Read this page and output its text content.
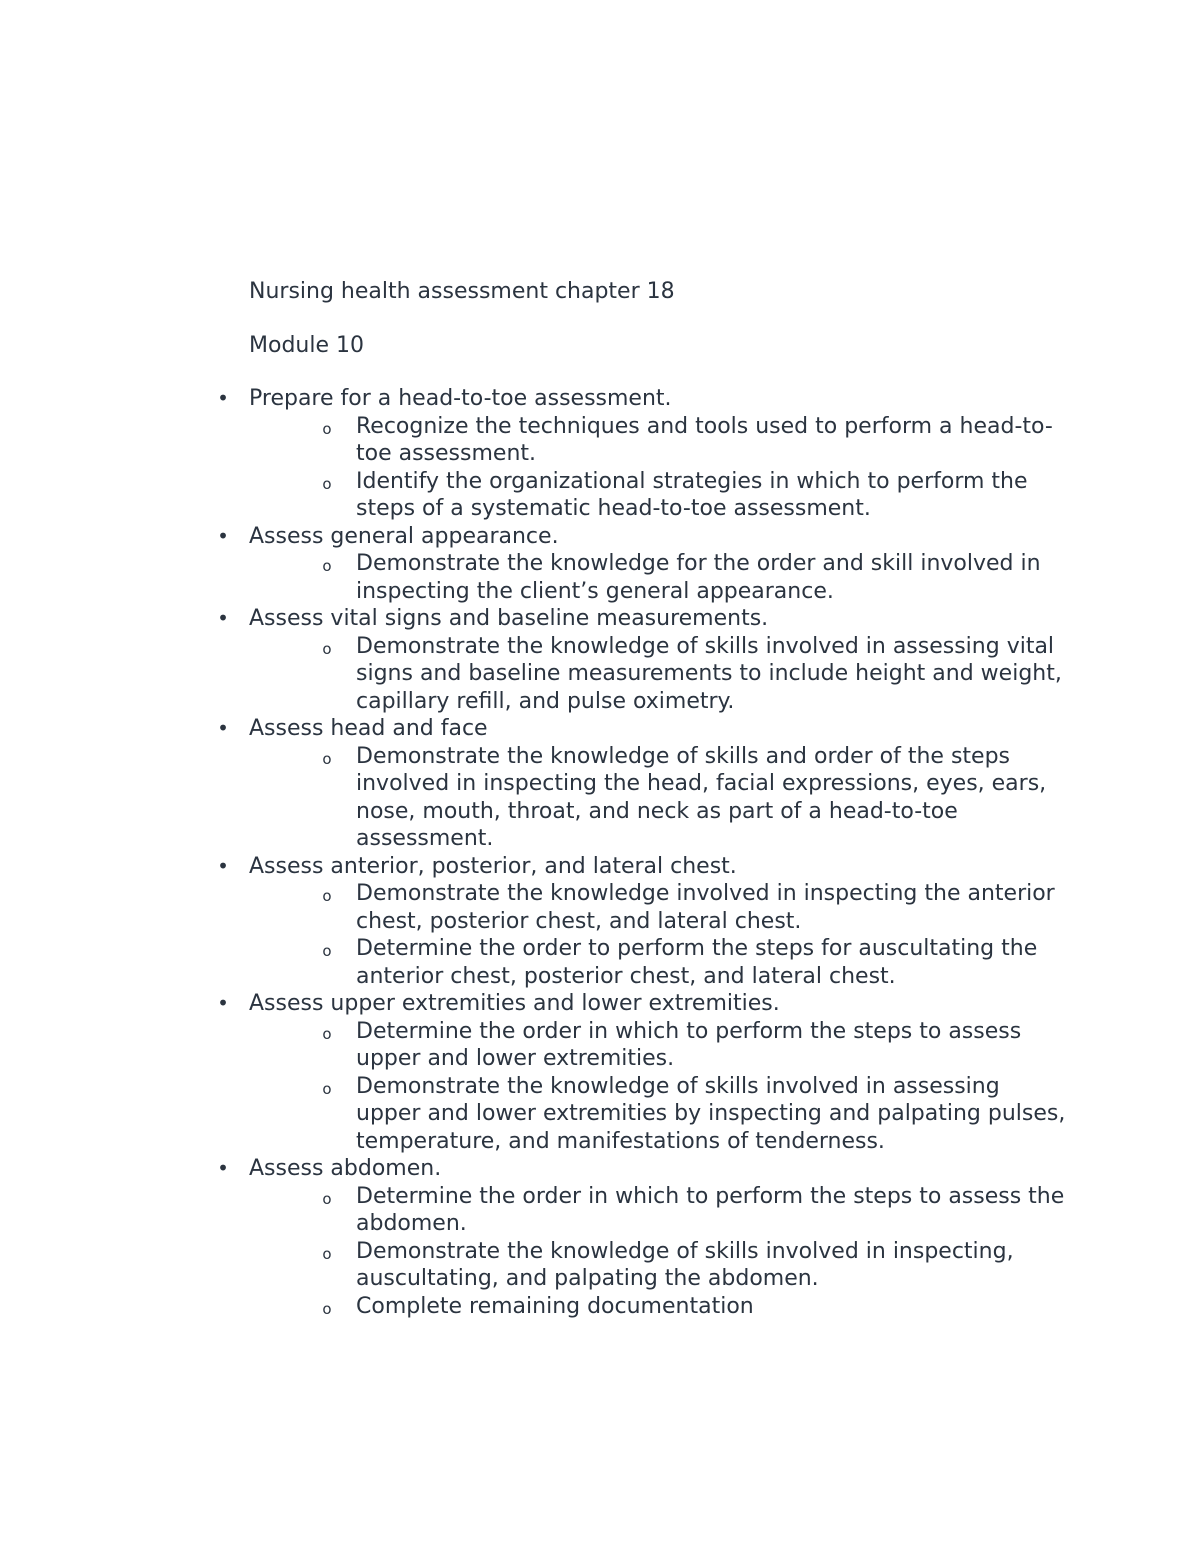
Nursing health assessment chapter 18

Module 10

• Prepare for a head-to-toe assessment.
o Recognize the techniques and tools used to perform a head-to-toe assessment.
o Identify the organizational strategies in which to perform the steps of a systematic head-to-toe assessment.
• Assess general appearance.
o Demonstrate the knowledge for the order and skill involved in inspecting the client’s general appearance.
• Assess vital signs and baseline measurements.
o Demonstrate the knowledge of skills involved in assessing vital signs and baseline measurements to include height and weight, capillary refill, and pulse oximetry.
• Assess head and face
o Demonstrate the knowledge of skills and order of the steps involved in inspecting the head, facial expressions, eyes, ears, nose, mouth, throat, and neck as part of a head-to-toe assessment.
• Assess anterior, posterior, and lateral chest.
o Demonstrate the knowledge involved in inspecting the anterior chest, posterior chest, and lateral chest.
o Determine the order to perform the steps for auscultating the anterior chest, posterior chest, and lateral chest.
• Assess upper extremities and lower extremities.
o Determine the order in which to perform the steps to assess upper and lower extremities.
o Demonstrate the knowledge of skills involved in assessing upper and lower extremities by inspecting and palpating pulses, temperature, and manifestations of tenderness.
• Assess abdomen.
o Determine the order in which to perform the steps to assess the abdomen.
o Demonstrate the knowledge of skills involved in inspecting, auscultating, and palpating the abdomen.
o Complete remaining documentation
